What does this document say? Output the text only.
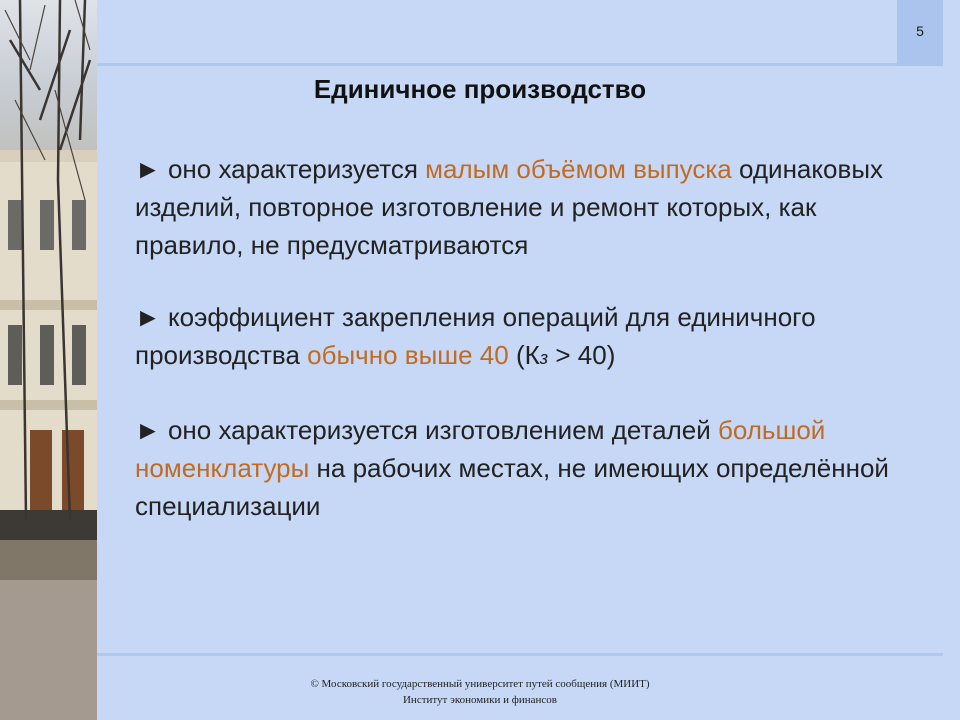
5
Единичное производство

► оно характеризуется малым объёмом выпуска одинаковых изделий, повторное изготовление и ремонт которых, как правило, не предусматриваются

► коэффициент закрепления операций для единичного производства обычно выше 40 (Кз > 40)

► оно характеризуется изготовлением деталей большой номенклатуры на рабочих местах, не имеющих определённой специализации

© Московский государственный университет путей сообщения (МИИТ)
Институт экономики и финансов
